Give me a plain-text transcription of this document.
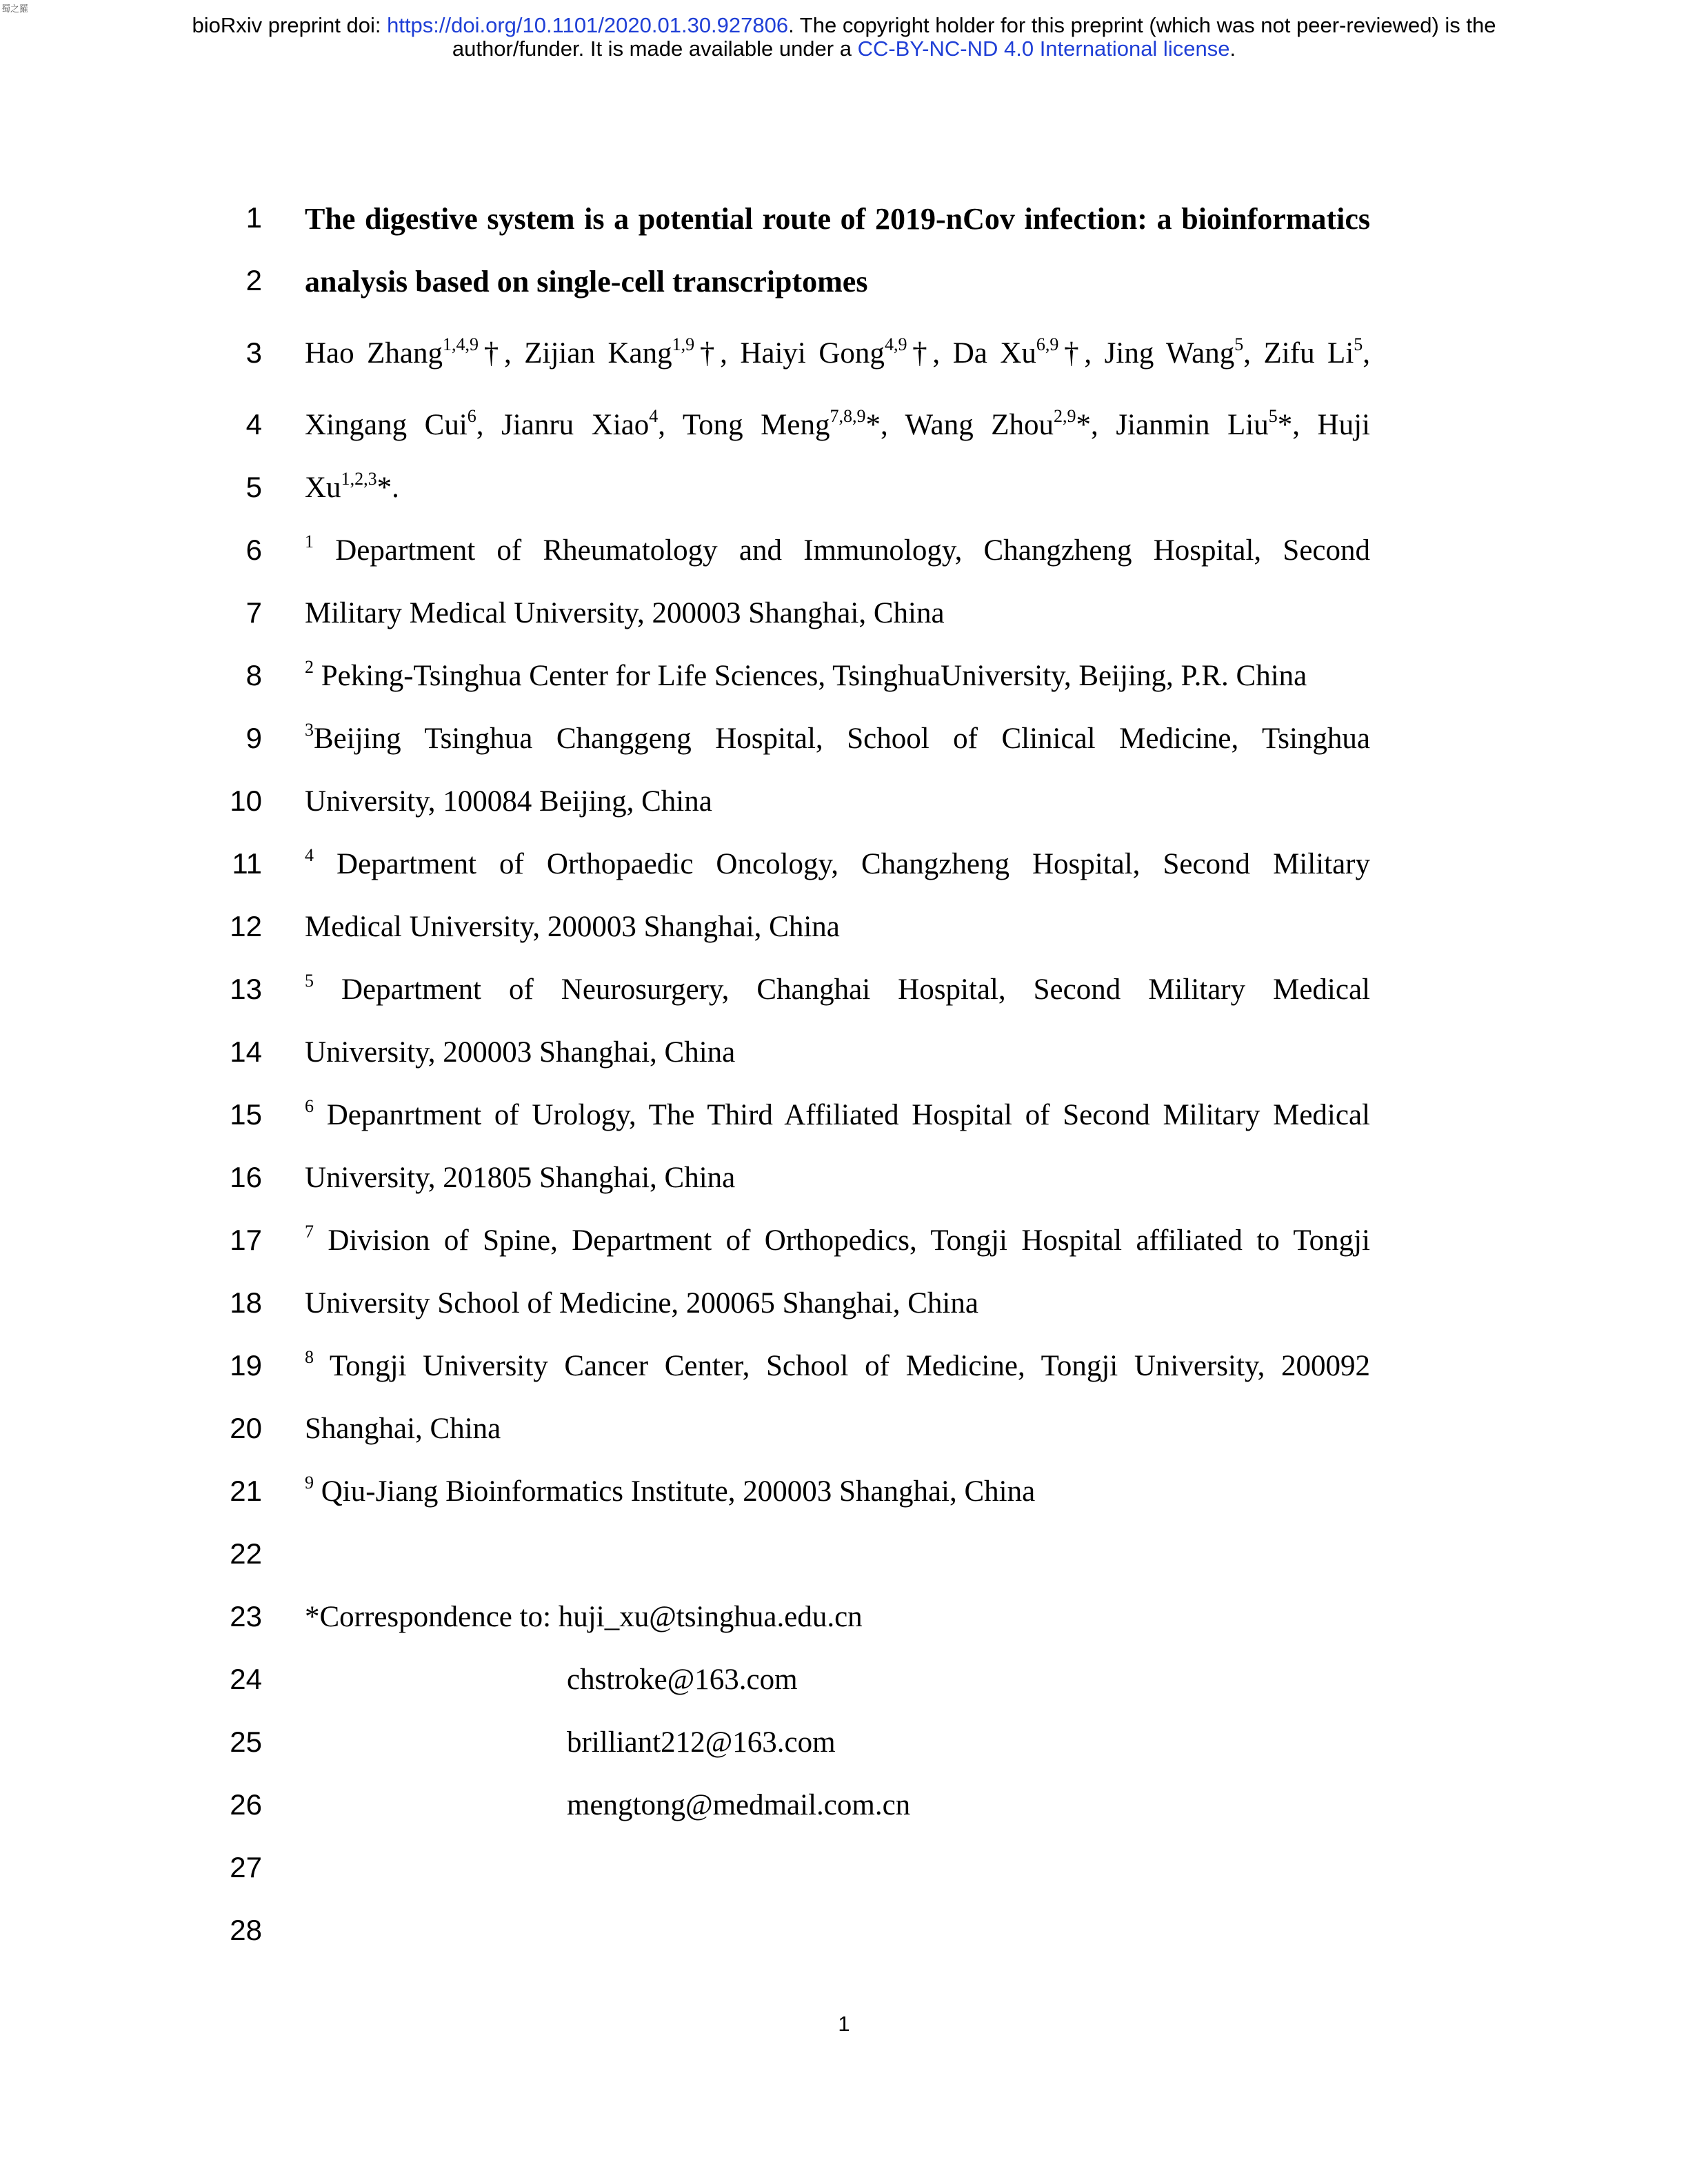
蜀之羅
bioRxiv preprint doi: https://doi.org/10.1101/2020.01.30.927806. The copyright holder for this preprint (which was not peer-reviewed) is the
author/funder. It is made available under a CC-BY-NC-ND 4.0 International license.
1
2
3
4
5
6
7
8
9
10
11
12
13
14
15
16
17
18
19
20
21
22
23
24
25
26
27
28
The digestive system is a potential route of 2019-nCov infection: a bioinformatics
analysis based on single-cell transcriptomes
Hao Zhang$^{1,4,9}$†, Zijian Kang$^{1,9}$†, Haiyi Gong$^{4,9}$†, Da Xu$^{6,9}$†, Jing Wang$^5$, Zifu Li$^5$,
Xingang Cui$^6$, Jianru Xiao$^4$, Tong Meng$^{7,8,9}$*, Wang Zhou$^{2,9}$*, Jianmin Liu$^5$*, Huji
Xu$^{1,2,3}$*.
$^1$ Department of Rheumatology and Immunology, Changzheng Hospital, Second
Military Medical University, 200003 Shanghai, China
$^2$ Peking-Tsinghua Center for Life Sciences, TsinghuaUniversity, Beijing, P.R. China
$^3$Beijing Tsinghua Changgeng Hospital, School of Clinical Medicine, Tsinghua
University, 100084 Beijing, China
$^4$ Department of Orthopaedic Oncology, Changzheng Hospital, Second Military
Medical University, 200003 Shanghai, China
$^5$ Department of Neurosurgery, Changhai Hospital, Second Military Medical
University, 200003 Shanghai, China
$^6$ Depanrtment of Urology, The Third Affiliated Hospital of Second Military Medical
University, 201805 Shanghai, China
$^7$ Division of Spine, Department of Orthopedics, Tongji Hospital affiliated to Tongji
University School of Medicine, 200065 Shanghai, China
$^8$ Tongji University Cancer Center, School of Medicine, Tongji University, 200092
Shanghai, China
$^9$ Qiu-Jiang Bioinformatics Institute, 200003 Shanghai, China
*Correspondence to: huji_xu@tsinghua.edu.cn
chstroke@163.com
brilliant212@163.com
mengtong@medmail.com.cn
1
